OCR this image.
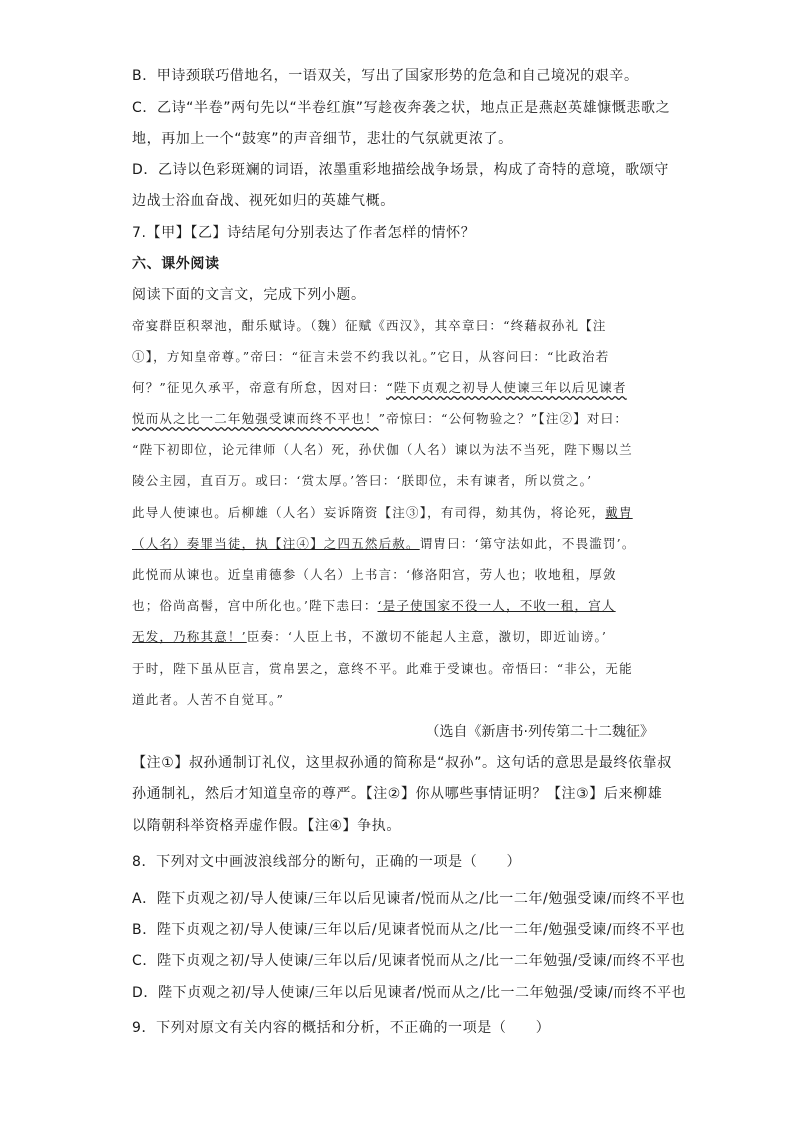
B．甲诗颈联巧借地名，一语双关，写出了国家形势的危急和自己境况的艰辛。
C．乙诗“半卷”两句先以“半卷红旗”写趁夜奔袭之状，地点正是燕赵英雄慷慨悲歌之
地，再加上一个“鼓寒”的声音细节，悲壮的气氛就更浓了。
D．乙诗以色彩斑斓的词语，浓墨重彩地描绘战争场景，构成了奇特的意境，歌颂守
边战士浴血奋战、视死如归的英雄气概。
7.【甲】【乙】诗结尾句分别表达了作者怎样的情怀？
六、课外阅读
阅读下面的文言文，完成下列小题。
帝宴群臣积翠池，酣乐赋诗。（魏）征赋《西汉》，其卒章曰：“终藉叔孙礼【注
①】，方知皇帝尊。”帝曰：“征言未尝不约我以礼。”它日，从容问曰：“比政治若
何？”征见久承平，帝意有所怠，因对曰：“陛下贞观之初导人使谏三年以后见谏者
悦而从之比一二年勉强受谏而终不平也！”帝惊曰：“公何物验之？”【注②】对曰：
“陛下初即位，论元律师（人名）死，孙伏伽（人名）谏以为法不当死，陛下赐以兰
陵公主园，直百万。或曰：‘赏太厚。’答曰：‘朕即位，未有谏者，所以赏之。’
此导人使谏也。后柳雄（人名）妄诉隋资【注③】，有司得，劾其伪，将论死，戴胄
（人名）奏罪当徒，执【注④】之四五然后赦。谓胄曰：‘第守法如此，不畏滥罚’。
此悦而从谏也。近皇甫德参（人名）上书言：‘修洛阳宫，劳人也；收地租，厚敛
也；俗尚高髻，宫中所化也。’陛下恚曰：‘是子使国家不役一人，不收一租，宫人
无发，乃称其意！’臣奏：‘人臣上书，不激切不能起人主意，激切，即近讪谤。’
于时，陛下虽从臣言，赏帛罢之，意终不平。此难于受谏也。帝悟曰：“非公，无能
道此者。人苦不自觉耳。”
（选自《新唐书·列传第二十二魏征》
【注①】叔孙通制订礼仪，这里叔孙通的简称是“叔孙”。这句话的意思是最终依靠叔
孙通制礼，然后才知道皇帝的尊严。【注②】你从哪些事情证明？【注③】后来柳雄
以隋朝科举资格弄虚作假。【注④】争执。
8．下列对文中画波浪线部分的断句，正确的一项是（　　）
A．陛下贞观之初/导人使谏/三年以后见谏者/悦而从之/比一二年/勉强受谏/而终不平也
B．陛下贞观之初/导人使谏/三年以后/见谏者悦而从之/比一二年/勉强受谏/而终不平也
C．陛下贞观之初/导人使谏/三年以后/见谏者悦而从之/比一二年勉强/受谏/而终不平也
D．陛下贞观之初/导人使谏/三年以后见谏者/悦而从之/比一二年勉强/受谏/而终不平也
9．下列对原文有关内容的概括和分析，不正确的一项是（　　）
